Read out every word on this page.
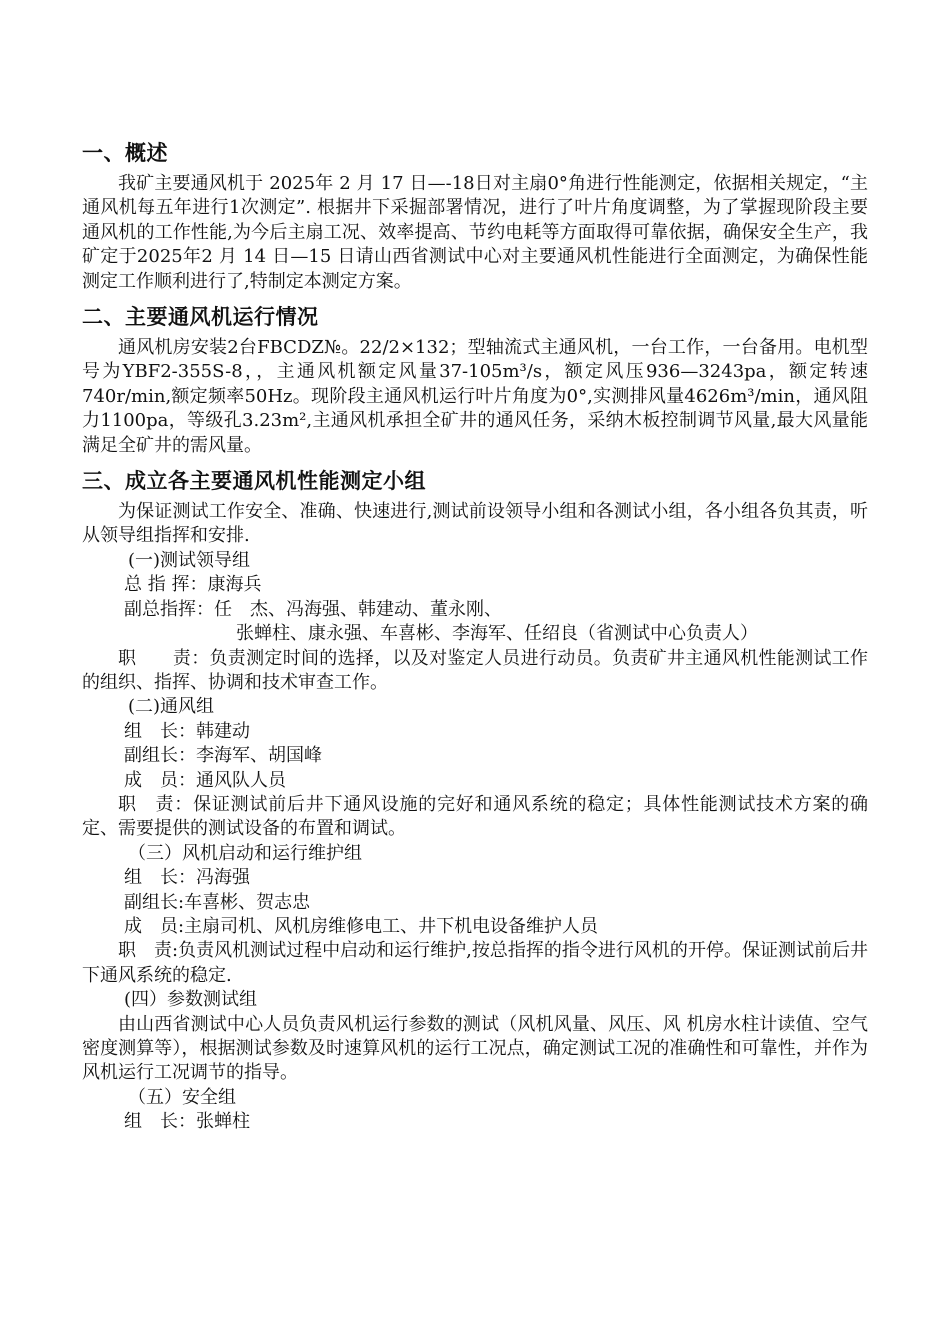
一、概述

我矿主要通风机于 2025年 2 月 17 日—-18日对主扇0°角进行性能测定，依据相关规定，“主通风机每五年进行1次测定”. 根据井下采掘部署情况，进行了叶片角度调整，为了掌握现阶段主要通风机的工作性能,为今后主扇工况、效率提高、节约电耗等方面取得可靠依据，确保安全生产，我矿定于2025年2 月 14 日—15 日请山西省测试中心对主要通风机性能进行全面测定，为确保性能测定工作顺利进行了,特制定本测定方案。

二、主要通风机运行情况

通风机房安装2台FBCDZ№。22/2×132；型轴流式主通风机，一台工作，一台备用。电机型号为YBF2-355S-8，，主通风机额定风量37-105m³/s，额定风压936—3243pa，额定转速740r/min,额定频率50Hz。现阶段主通风机运行叶片角度为0°,实测排风量4626m³/min，通风阻力1100pa，等级孔3.23m²,主通风机承担全矿井的通风任务，采纳木板控制调节风量,最大风量能满足全矿井的需风量。

三、成立各主要通风机性能测定小组

为保证测试工作安全、准确、快速进行,测试前设领导小组和各测试小组，各小组各负其责，听从领导组指挥和安排.

(一)测试领导组

总 指 挥：康海兵

副总指挥：任　杰、冯海强、韩建动、董永刚、

张蝉柱、康永强、车喜彬、李海军、任绍良（省测试中心负责人）

职　　责：负责测定时间的选择，以及对鉴定人员进行动员。负责矿井主通风机性能测试工作的组织、指挥、协调和技术审查工作。

(二)通风组

组　长：韩建动

副组长：李海军、胡国峰

成　员：通风队人员

职　责：保证测试前后井下通风设施的完好和通风系统的稳定；具体性能测试技术方案的确定、需要提供的测试设备的布置和调试。

（三）风机启动和运行维护组

组　长：冯海强

副组长:车喜彬、贺志忠

成　员:主扇司机、风机房维修电工、井下机电设备维护人员

职　责:负责风机测试过程中启动和运行维护,按总指挥的指令进行风机的开停。保证测试前后井下通风系统的稳定.

(四）参数测试组

由山西省测试中心人员负责风机运行参数的测试（风机风量、风压、风 机房水柱计读值、空气密度测算等），根据测试参数及时速算风机的运行工况点，确定测试工况的准确性和可靠性，并作为风机运行工况调节的指导。

（五）安全组

组　长：张蝉柱
